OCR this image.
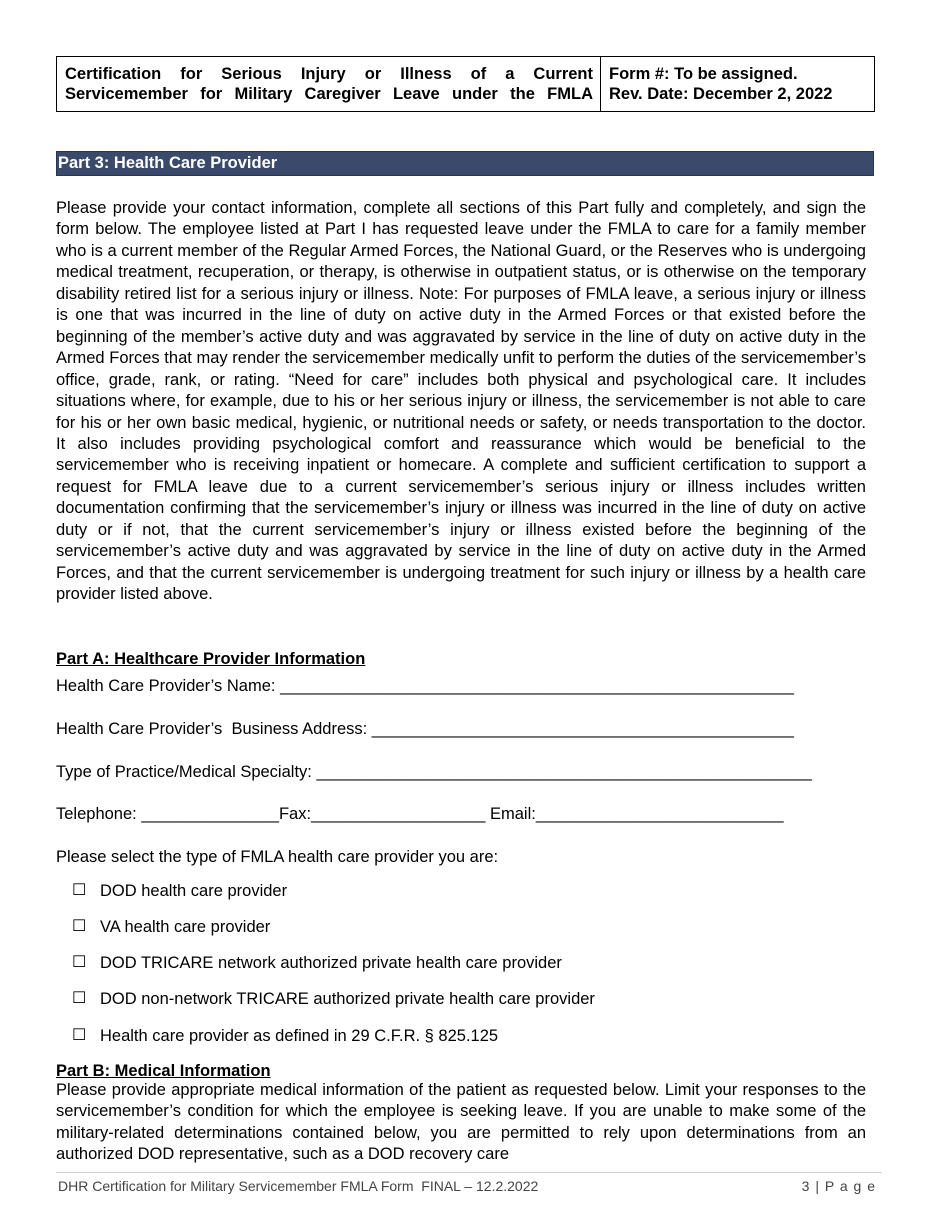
Certification for Serious Injury or Illness of a Current Servicemember for Military Caregiver Leave under the FMLA
Form #: To be assigned.
Rev. Date: December 2, 2022
Part 3: Health Care Provider

Please provide your contact information, complete all sections of this Part fully and completely, and sign the form below. The employee listed at Part I has requested leave under the FMLA to care for a family member who is a current member of the Regular Armed Forces, the National Guard, or the Reserves who is undergoing medical treatment, recuperation, or therapy, is otherwise in outpatient status, or is otherwise on the temporary disability retired list for a serious injury or illness. Note: For purposes of FMLA leave, a serious injury or illness is one that was incurred in the line of duty on active duty in the Armed Forces or that existed before the beginning of the member’s active duty and was aggravated by service in the line of duty on active duty in the Armed Forces that may render the servicemember medically unfit to perform the duties of the servicemember’s office, grade, rank, or rating. “Need for care” includes both physical and psychological care. It includes situations where, for example, due to his or her serious injury or illness, the servicemember is not able to care for his or her own basic medical, hygienic, or nutritional needs or safety, or needs transportation to the doctor. It also includes providing psychological comfort and reassurance which would be beneficial to the servicemember who is receiving inpatient or homecare. A complete and sufficient certification to support a request for FMLA leave due to a current servicemember’s serious injury or illness includes written documentation confirming that the servicemember’s injury or illness was incurred in the line of duty on active duty or if not, that the current servicemember’s injury or illness existed before the beginning of the servicemember’s active duty and was aggravated by service in the line of duty on active duty in the Armed Forces, and that the current servicemember is undergoing treatment for such injury or illness by a health care provider listed above.

Part A: Healthcare Provider Information
Health Care Provider’s Name: ________________________________________________________
Health Care Provider’s  Business Address: ______________________________________________
Type of Practice/Medical Specialty: ______________________________________________________
Telephone: _______________Fax:___________________ Email:___________________________
Please select the type of FMLA health care provider you are:
☐ DOD health care provider
☐ VA health care provider
☐ DOD TRICARE network authorized private health care provider
☐ DOD non-network TRICARE authorized private health care provider
☐ Health care provider as defined in 29 C.F.R. § 825.125
Part B: Medical Information

Please provide appropriate medical information of the patient as requested below. Limit your responses to the servicemember’s condition for which the employee is seeking leave. If you are unable to make some of the military-related determinations contained below, you are permitted to rely upon determinations from an authorized DOD representative, such as a DOD recovery care

DHR Certification for Military Servicemember FMLA Form  FINAL – 12.2.2022	3 | P a g e
